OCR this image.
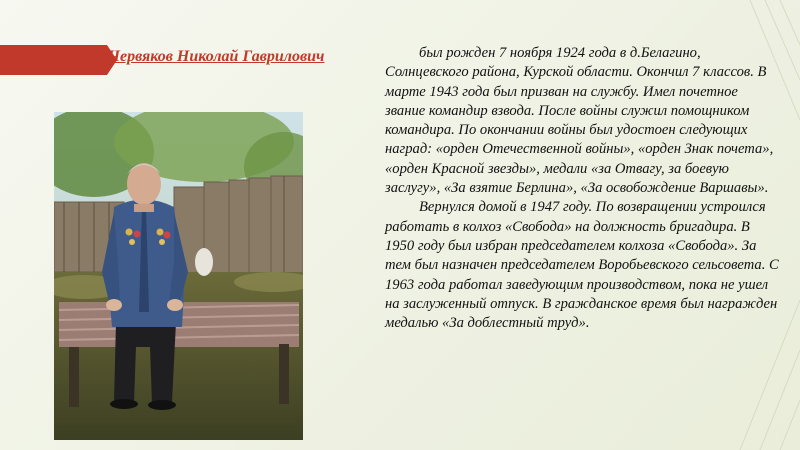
Червяков Николай Гаврилович	был рожден 7 ноября 1924 года в д.Белагино, Солнцевского района, Курской области. Окончил 7 классов. В марте 1943 года был призван на службу. Имел почетное звание командир взвода. После войны служил помощником командира. По окончании войны был удостоен следующих наград: «орден Отечественной войны», «орден Знак почета», «орден Красной звезды», медали «за Отвагу, за боевую заслугу», «За взятие Берлина», «За освобождение Варшавы».

Вернулся домой в 1947 году. По возвращении устроился работать в колхоз «Свобода» на должность бригадира. В 1950 году был избран председателем колхоза «Свобода». За тем был назначен председателем Воробьевского сельсовета. С 1963 года работал заведующим производством, пока не ушел на заслуженный отпуск. В гражданское время был награжден медалью «За доблестный труд».
